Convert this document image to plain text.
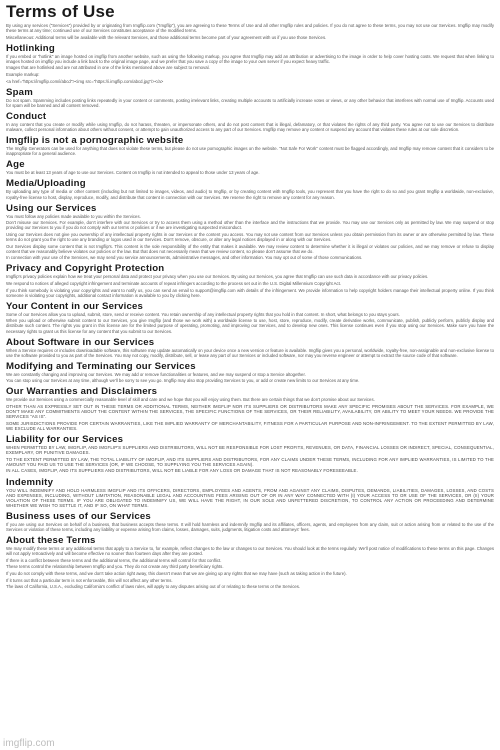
Terms of Use

By using any services ("Services") provided by or originating from Imgflip.com ("Imgflip"), you are agreeing to these Terms of Use and all other Imgflip rules and policies. If you do not agree to these terms, you may not use our Services. Imgflip may modify these terms at any time; continued use of our Services constitutes acceptance of the modified terms.

Miscellaneous: Additional terms will be available with the relevant Services, and those additional terms become part of your agreement with us if you use those Services.

Hotlinking

If you embed or "hotlink" an image hosted on imgflip from another website, such as using the following markup, you agree that Imgflip may add an attribution or advertising to the image in order to help cover hosting costs. We request that when linking to images hosted on imgflip you include a link back to the original image page, and we prefer that you save a copy of the image to your own server if you expect heavy traffic.

Images that are hotlinked and are not attributed in one of the links mentioned above are subject to removal.

Example markup:

<a href="https://imgflip.com/i/abcd"><img src="https://i.imgflip.com/abcd.jpg"/></a>

Spam

Do not spam. Spamming includes posting links repeatedly in your content or comments, posting irrelevant links, creating multiple accounts to artificially increase votes or views, or any other behavior that interferes with normal use of Imgflip. Accounts used for spam will be banned and all content removed.

Conduct

In any content that you create or modify while using Imgflip, do not harass, threaten, or impersonate others, and do not post content that is illegal, defamatory, or that violates the rights of any third party. You agree not to use our Services to distribute malware, collect personal information about others without consent, or attempt to gain unauthorized access to any part of our Services. Imgflip may remove any content or suspend any account that violates these rules at our sole discretion.

Imgflip is not a pornographic website

The Imgflip Generators can be used for anything that does not violate these terms, but please do not use pornographic images on the website. "Not Safe For Work" content must be flagged accordingly, and Imgflip may remove content that it considers to be inappropriate for a general audience.

Age

You must be at least 13 years of age to use our Services. Content on Imgflip is not intended to appeal to those under 13 years of age.

Media/Uploading

By uploading any type of media or other content (including but not limited to images, videos, and audio) to Imgflip, or by creating content with Imgflip tools, you represent that you have the right to do so and you grant Imgflip a worldwide, non-exclusive, royalty-free license to host, display, reproduce, modify, and distribute that content in connection with our Services. We reserve the right to remove any content for any reason.

Using our Services

You must follow any policies made available to you within the Services.

Don't misuse our Services. For example, don't interfere with our Services or try to access them using a method other than the interface and the instructions that we provide. You may use our Services only as permitted by law. We may suspend or stop providing our Services to you if you do not comply with our terms or policies or if we are investigating suspected misconduct.

Using our Services does not give you ownership of any intellectual property rights in our Services or the content you access. You may not use content from our Services unless you obtain permission from its owner or are otherwise permitted by law. These terms do not grant you the right to use any branding or logos used in our Services. Don't remove, obscure, or alter any legal notices displayed in or along with our Services.

Our Services display some content that is not Imgflip's. This content is the sole responsibility of the entity that makes it available. We may review content to determine whether it is illegal or violates our policies, and we may remove or refuse to display content that we reasonably believe violates our policies or the law. But that does not necessarily mean that we review content, so please don't assume that we do.

In connection with your use of the Services, we may send you service announcements, administrative messages, and other information. You may opt out of some of those communications.

Privacy and Copyright Protection

Imgflip's privacy policies explain how we treat your personal data and protect your privacy when you use our Services. By using our Services, you agree that Imgflip can use such data in accordance with our privacy policies.

We respond to notices of alleged copyright infringement and terminate accounts of repeat infringers according to the process set out in the U.S. Digital Millennium Copyright Act.

If you think somebody is violating your copyrights and want to notify us, you can send an email to support@imgflip.com with details of the infringement. We provide information to help copyright holders manage their intellectual property online. If you think someone is violating your copyrights, additional contact information is available to you by clicking here.

Your Content in our Services

Some of our Services allow you to upload, submit, store, send or receive content. You retain ownership of any intellectual property rights that you hold in that content. In short, what belongs to you stays yours.

When you upload or otherwise submit content to our Services, you give Imgflip (and those we work with) a worldwide license to use, host, store, reproduce, modify, create derivative works, communicate, publish, publicly perform, publicly display and distribute such content. The rights you grant in this license are for the limited purpose of operating, promoting, and improving our Services, and to develop new ones. This license continues even if you stop using our Services. Make sure you have the necessary rights to grant us this license for any content that you submit to our Services.

About Software in our Services

When a Service requires or includes downloadable software, this software may update automatically on your device once a new version or feature is available. Imgflip gives you a personal, worldwide, royalty-free, non-assignable and non-exclusive license to use the software provided to you as part of the Services. You may not copy, modify, distribute, sell, or lease any part of our Services or included software, nor may you reverse engineer or attempt to extract the source code of that software.

Modifying and Terminating our Services

We are constantly changing and improving our Services. We may add or remove functionalities or features, and we may suspend or stop a Service altogether.

You can stop using our Services at any time, although we'll be sorry to see you go. Imgflip may also stop providing Services to you, or add or create new limits to our Services at any time.

Our Warranties and Disclaimers

We provide our Services using a commercially reasonable level of skill and care and we hope that you will enjoy using them. But there are certain things that we don't promise about our Services.

OTHER THAN AS EXPRESSLY SET OUT IN THESE TERMS OR ADDITIONAL TERMS, NEITHER IMGFLIP NOR ITS SUPPLIERS OR DISTRIBUTORS MAKE ANY SPECIFIC PROMISES ABOUT THE SERVICES. FOR EXAMPLE, WE DON'T MAKE ANY COMMITMENTS ABOUT THE CONTENT WITHIN THE SERVICES, THE SPECIFIC FUNCTIONS OF THE SERVICES, OR THEIR RELIABILITY, AVAILABILITY, OR ABILITY TO MEET YOUR NEEDS. WE PROVIDE THE SERVICES "AS IS".

SOME JURISDICTIONS PROVIDE FOR CERTAIN WARRANTIES, LIKE THE IMPLIED WARRANTY OF MERCHANTABILITY, FITNESS FOR A PARTICULAR PURPOSE AND NON-INFRINGEMENT. TO THE EXTENT PERMITTED BY LAW, WE EXCLUDE ALL WARRANTIES.

Liability for our Services

WHEN PERMITTED BY LAW, IMGFLIP, AND IMGFLIP'S SUPPLIERS AND DISTRIBUTORS, WILL NOT BE RESPONSIBLE FOR LOST PROFITS, REVENUES, OR DATA, FINANCIAL LOSSES OR INDIRECT, SPECIAL, CONSEQUENTIAL, EXEMPLARY, OR PUNITIVE DAMAGES.

TO THE EXTENT PERMITTED BY LAW, THE TOTAL LIABILITY OF IMGFLIP, AND ITS SUPPLIERS AND DISTRIBUTORS, FOR ANY CLAIMS UNDER THESE TERMS, INCLUDING FOR ANY IMPLIED WARRANTIES, IS LIMITED TO THE AMOUNT YOU PAID US TO USE THE SERVICES (OR, IF WE CHOOSE, TO SUPPLYING YOU THE SERVICES AGAIN).

IN ALL CASES, IMGFLIP, AND ITS SUPPLIERS AND DISTRIBUTORS, WILL NOT BE LIABLE FOR ANY LOSS OR DAMAGE THAT IS NOT REASONABLY FORESEEABLE.

Indemnity

YOU WILL INDEMNIFY AND HOLD HARMLESS IMGFLIP AND ITS OFFICERS, DIRECTORS, EMPLOYEES AND AGENTS, FROM AND AGAINST ANY CLAIMS, DISPUTES, DEMANDS, LIABILITIES, DAMAGES, LOSSES, AND COSTS AND EXPENSES, INCLUDING, WITHOUT LIMITATION, REASONABLE LEGAL AND ACCOUNTING FEES ARISING OUT OF OR IN ANY WAY CONNECTED WITH (I) YOUR ACCESS TO OR USE OF THE SERVICES, OR (II) YOUR VIOLATION OF THESE TERMS. IF YOU ARE OBLIGATED TO INDEMNIFY US, WE WILL HAVE THE RIGHT, IN OUR SOLE AND UNFETTERED DISCRETION, TO CONTROL ANY ACTION OR PROCEEDING AND DETERMINE WHETHER WE WISH TO SETTLE IT, AND IF SO, ON WHAT TERMS.

Business uses of our Services

If you are using our Services on behalf of a business, that business accepts these terms. It will hold harmless and indemnify Imgflip and its affiliates, officers, agents, and employees from any claim, suit or action arising from or related to the use of the Services or violation of these terms, including any liability or expense arising from claims, losses, damages, suits, judgments, litigation costs and attorneys' fees.

About these Terms

We may modify these terms or any additional terms that apply to a Service to, for example, reflect changes to the law or changes to our Services. You should look at the terms regularly. We'll post notice of modifications to these terms on this page. Changes will not apply retroactively and will become effective no sooner than fourteen days after they are posted.

If there is a conflict between these terms and the additional terms, the additional terms will control for that conflict.

These terms control the relationship between Imgflip and you. They do not create any third party beneficiary rights.

If you do not comply with these terms, and we don't take action right away, this doesn't mean that we are giving up any rights that we may have (such as taking action in the future).

If it turns out that a particular term is not enforceable, this will not affect any other terms.

The laws of California, U.S.A., excluding California's conflict of laws rules, will apply to any disputes arising out of or relating to these terms or the Services.

imgflip.com
